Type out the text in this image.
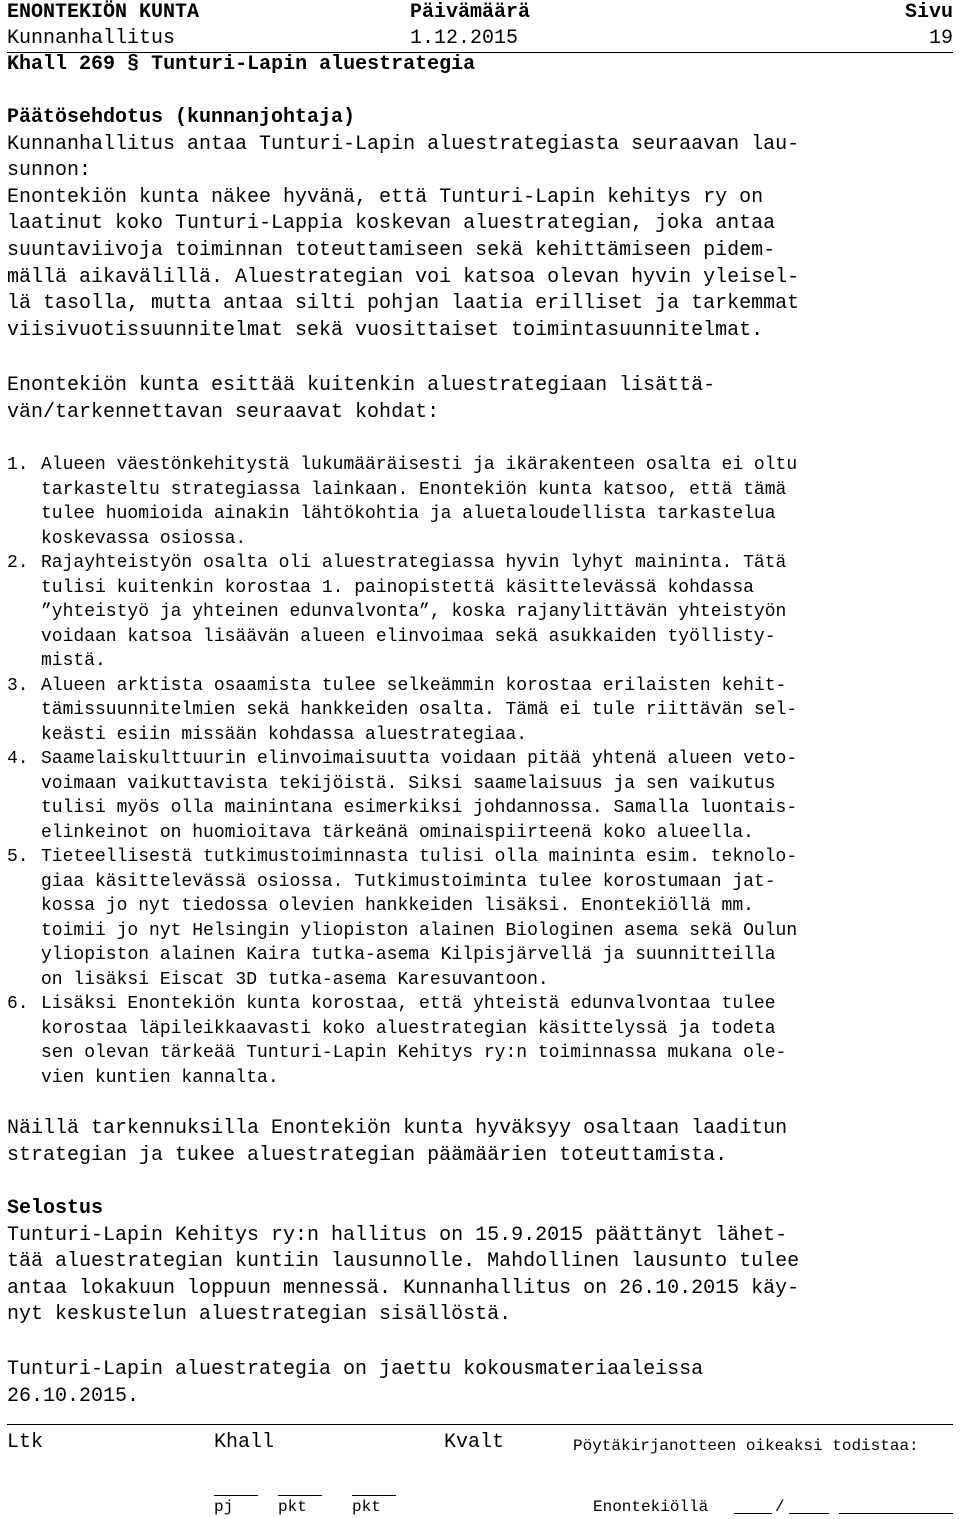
ENONTEKIÖN KUNTA	Päivämäärä	Sivu
Kunnanhallitus	1.12.2015	19
Khall 269 § Tunturi-Lapin aluestrategia

Päätösehdotus (kunnanjohtaja)

Kunnanhallitus antaa Tunturi-Lapin aluestrategiasta seuraavan lau-

sunnon:

Enontekiön kunta näkee hyvänä, että Tunturi-Lapin kehitys ry on

laatinut koko Tunturi-Lappia koskevan aluestrategian, joka antaa

suuntaviivoja toiminnan toteuttamiseen sekä kehittämiseen pidem-

mällä aikavälillä. Aluestrategian voi katsoa olevan hyvin yleisel-

lä tasolla, mutta antaa silti pohjan laatia erilliset ja tarkemmat

viisivuotissuunnitelmat sekä vuosittaiset toimintasuunnitelmat.

Enontekiön kunta esittää kuitenkin aluestrategiaan lisättä-

vän/tarkennettavan seuraavat kohdat:

1. Alueen väestönkehitystä lukumääräisesti ja ikärakenteen osalta ei oltu

tarkasteltu strategiassa lainkaan. Enontekiön kunta katsoo, että tämä

tulee huomioida ainakin lähtökohtia ja aluetaloudellista tarkastelua

koskevassa osiossa.

2. Rajayhteistyön osalta oli aluestrategiassa hyvin lyhyt maininta. Tätä

tulisi kuitenkin korostaa 1. painopistettä käsittelevässä kohdassa

”yhteistyö ja yhteinen edunvalvonta”, koska rajanylittävän yhteistyön

voidaan katsoa lisäävän alueen elinvoimaa sekä asukkaiden työllisty-

mistä.

3. Alueen arktista osaamista tulee selkeämmin korostaa erilaisten kehit-

tämissuunnitelmien sekä hankkeiden osalta. Tämä ei tule riittävän sel-

keästi esiin missään kohdassa aluestrategiaa.

4. Saamelaiskulttuurin elinvoimaisuutta voidaan pitää yhtenä alueen veto-

voimaan vaikuttavista tekijöistä. Siksi saamelaisuus ja sen vaikutus

tulisi myös olla mainintana esimerkiksi johdannossa. Samalla luontais-

elinkeinot on huomioitava tärkeänä ominaispiirteenä koko alueella.

5. Tieteellisestä tutkimustoiminnasta tulisi olla maininta esim. teknolo-

giaa käsittelevässä osiossa. Tutkimustoiminta tulee korostumaan jat-

kossa jo nyt tiedossa olevien hankkeiden lisäksi. Enontekiöllä mm.

toimii jo nyt Helsingin yliopiston alainen Biologinen asema sekä Oulun

yliopiston alainen Kaira tutka-asema Kilpisjärvellä ja suunnitteilla

on lisäksi Eiscat 3D tutka-asema Karesuvantoon.

6. Lisäksi Enontekiön kunta korostaa, että yhteistä edunvalvontaa tulee

korostaa läpileikkaavasti koko aluestrategian käsittelyssä ja todeta

sen olevan tärkeää Tunturi-Lapin Kehitys ry:n toiminnassa mukana ole-

vien kuntien kannalta.

Näillä tarkennuksilla Enontekiön kunta hyväksyy osaltaan laaditun

strategian ja tukee aluestrategian päämäärien toteuttamista.

Selostus

Tunturi-Lapin Kehitys ry:n hallitus on 15.9.2015 päättänyt lähet-

tää aluestrategian kuntiin lausunnolle. Mahdollinen lausunto tulee

antaa lokakuun loppuun mennessä. Kunnanhallitus on 26.10.2015 käy-

nyt keskustelun aluestrategian sisällöstä.

Tunturi-Lapin aluestrategia on jaettu kokousmateriaaleissa

26.10.2015.

Ltk	Khall	Kvalt	Pöytäkirjanotteen oikeaksi todistaa:
pj	pkt	pkt	Enontekiöllä	/
